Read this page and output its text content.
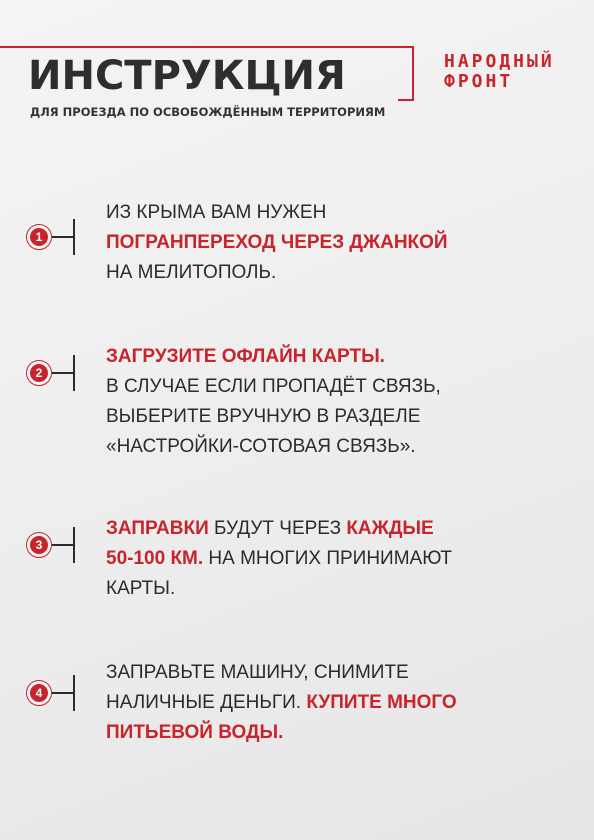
ИНСТРУКЦИЯ

ДЛЯ ПРОЕЗДА ПО ОСВОБОЖДЁННЫМ ТЕРРИТОРИЯМ

НАРОДНЫЙ
ФРОНТ
1

ИЗ КРЫМА ВАМ НУЖЕН
ПОГРАНПЕРЕХОД ЧЕРЕЗ ДЖАНКОЙ
НА МЕЛИТОПОЛЬ.

2

ЗАГРУЗИТЕ ОФЛАЙН КАРТЫ.
В СЛУЧАЕ ЕСЛИ ПРОПАДЁТ СВЯЗЬ,
ВЫБЕРИТЕ ВРУЧНУЮ В РАЗДЕЛЕ
«НАСТРОЙКИ-СОТОВАЯ СВЯЗЬ».

3

ЗАПРАВКИ БУДУТ ЧЕРЕЗ КАЖДЫЕ
50-100 КМ. НА МНОГИХ ПРИНИМАЮТ
КАРТЫ.

4

ЗАПРАВЬТЕ МАШИНУ, СНИМИТЕ
НАЛИЧНЫЕ ДЕНЬГИ. КУПИТЕ МНОГО
ПИТЬЕВОЙ ВОДЫ.
